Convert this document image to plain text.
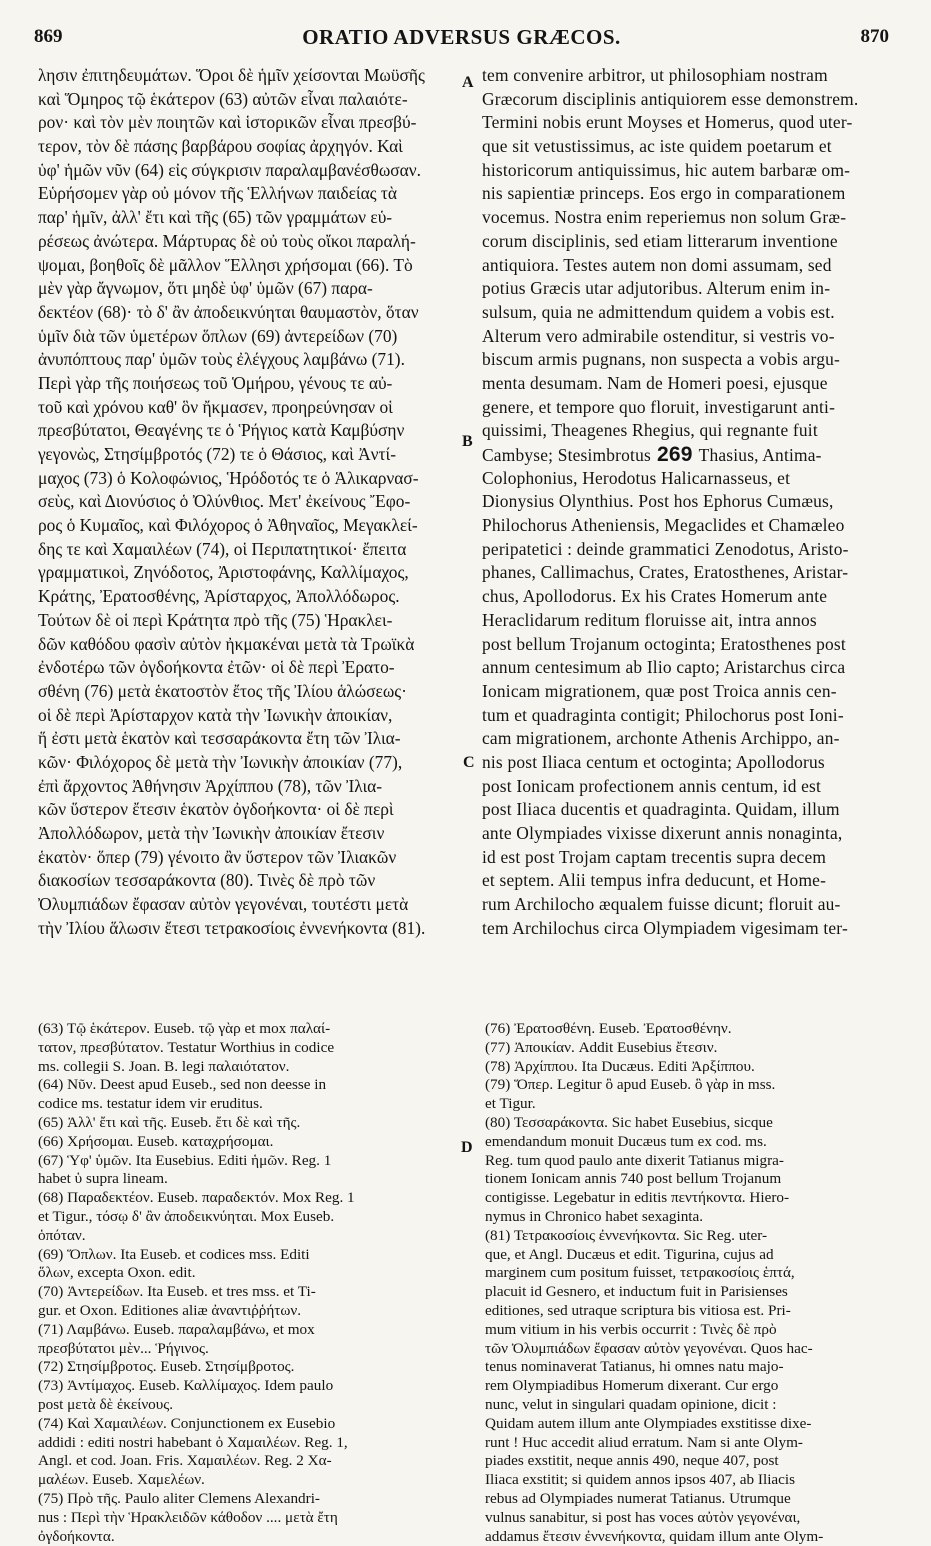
869	ORATIO ADVERSUS GRÆCOS.	870
λησιν ἐπιτηδευμάτων. Ὅροι δὲ ἡμῖν χείσονται Μωϋσῆς
καὶ Ὅμηρος τῷ ἑκάτερον (63) αὐτῶν εἶναι παλαιότε-
ρον· καὶ τὸν μὲν ποιητῶν καὶ ἱστορικῶν εἶναι πρεσβύ-
τερον, τὸν δὲ πάσης βαρβάρου σοφίας ἀρχηγόν. Καὶ
ὑφ' ἡμῶν νῦν (64) εἰς σύγκρισιν παραλαμβανέσθωσαν.
Εὑρήσομεν γὰρ οὐ μόνον τῆς Ἑλλήνων παιδείας τὰ
παρ' ἡμῖν, ἀλλ' ἔτι καὶ τῆς (65) τῶν γραμμάτων εὑ-
ρέσεως ἀνώτερα. Μάρτυρας δὲ οὐ τοὺς οἴκοι παραλή-
ψομαι, βοηθοῖς δὲ μᾶλλον Ἕλλησι χρήσομαι (66). Τὸ
μὲν γὰρ ἄγνωμον, ὅτι μηδὲ ὑφ' ὑμῶν (67) παρα-
δεκτέον (68)· τὸ δ' ἂν ἀποδεικνύηται θαυμαστὸν, ὅταν
ὑμῖν διὰ τῶν ὑμετέρων ὅπλων (69) ἀντερείδων (70)
ἀνυπόπτους παρ' ὑμῶν τοὺς ἐλέγχους λαμβάνω (71).
Περὶ γὰρ τῆς ποιήσεως τοῦ Ὁμήρου, γένους τε αὐ-
τοῦ καὶ χρόνου καθ' ὃν ἤκμασεν, προηρεύνησαν οἱ
πρεσβύτατοι, Θεαγένης τε ὁ Ῥήγιος κατὰ Καμβύσην
γεγονὼς, Στησίμβροτός (72) τε ὁ Θάσιος, καὶ Ἀντί-
μαχος (73) ὁ Κολοφώνιος, Ἡρόδοτός τε ὁ Ἁλικαρνασ-
σεὺς, καὶ Διονύσιος ὁ Ὀλύνθιος. Μετ' ἐκείνους Ἔφο-
ρος ὁ Κυμαῖος, καὶ Φιλόχορος ὁ Ἀθηναῖος, Μεγακλεί-
δης τε καὶ Χαμαιλέων (74), οἱ Περιπατητικοί· ἔπειτα
γραμματικοὶ, Ζηνόδοτος, Ἀριστοφάνης, Καλλίμαχος,
Κράτης, Ἐρατοσθένης, Ἀρίσταρχος, Ἀπολλόδωρος.
Τούτων δὲ οἱ περὶ Κράτητα πρὸ τῆς (75) Ἡρακλει-
δῶν καθόδου φασὶν αὐτὸν ἠκμακέναι μετὰ τὰ Τρωϊκὰ
ἐνδοτέρω τῶν ὀγδοήκοντα ἐτῶν· οἱ δὲ περὶ Ἐρατο-
σθένη (76) μετὰ ἑκατοστὸν ἔτος τῆς Ἰλίου ἁλώσεως·
οἱ δὲ περὶ Ἀρίσταρχον κατὰ τὴν Ἰωνικὴν ἀποικίαν,
ἥ ἐστι μετὰ ἑκατὸν καὶ τεσσαράκοντα ἔτη τῶν Ἰλια-
κῶν· Φιλόχορος δὲ μετὰ τὴν Ἰωνικὴν ἀποικίαν (77),
ἐπὶ ἄρχοντος Ἀθήνησιν Ἀρχίππου (78), τῶν Ἰλια-
κῶν ὕστερον ἔτεσιν ἑκατὸν ὀγδοήκοντα· οἱ δὲ περὶ
Ἀπολλόδωρον, μετὰ τὴν Ἰωνικὴν ἀποικίαν ἔτεσιν
ἑκατὸν· ὅπερ (79) γένοιτο ἂν ὕστερον τῶν Ἰλιακῶν
διακοσίων τεσσαράκοντα (80). Τινὲς δὲ πρὸ τῶν
Ὀλυμπιάδων ἔφασαν αὐτὸν γεγονέναι, τουτέστι μετὰ
τὴν Ἰλίου ἅλωσιν ἔτεσι τετρακοσίοις ἐννενήκοντα (81).
tem convenire arbitror, ut philosophiam nostram
Græcorum disciplinis antiquiorem esse demonstrem.
Termini nobis erunt Moyses et Homerus, quod uter-
que sit vetustissimus, ac iste quidem poetarum et
historicorum antiquissimus, hic autem barbaræ om-
nis sapientiæ princeps. Eos ergo in comparationem
vocemus. Nostra enim reperiemus non solum Græ-
corum disciplinis, sed etiam litterarum inventione
antiquiora. Testes autem non domi assumam, sed
potius Græcis utar adjutoribus. Alterum enim in-
sulsum, quia ne admittendum quidem a vobis est.
Alterum vero admirabile ostenditur, si vestris vo-
biscum armis pugnans, non suspecta a vobis argu-
menta desumam. Nam de Homeri poesi, ejusque
genere, et tempore quo floruit, investigarunt anti-
quissimi, Theagenes Rhegius, qui regnante fuit
Cambyse; Stesimbrotus 269 Thasius, Antima-
Colophonius, Herodotus Halicarnasseus, et
Dionysius Olynthius. Post hos Ephorus Cumæus,
Philochorus Atheniensis, Megaclides et Chamæleo
peripatetici : deinde grammatici Zenodotus, Aristo-
phanes, Callimachus, Crates, Eratosthenes, Aristar-
chus, Apollodorus. Ex his Crates Homerum ante
Heraclidarum reditum floruisse ait, intra annos
post bellum Trojanum octoginta; Eratosthenes post
annum centesimum ab Ilio capto; Aristarchus circa
Ionicam migrationem, quæ post Troica annis cen-
tum et quadraginta contigit; Philochorus post Ioni-
cam migrationem, archonte Athenis Archippo, an-
nis post Iliaca centum et octoginta; Apollodorus
post Ionicam profectionem annis centum, id est
post Iliaca ducentis et quadraginta. Quidam, illum
ante Olympiades vixisse dixerunt annis nonaginta,
id est post Trojam captam trecentis supra decem
et septem. Alii tempus infra deducunt, et Home-
rum Archilocho æqualem fuisse dicunt; floruit au-
tem Archilochus circa Olympiadem vigesimam ter-
A
B
C
D
(63) Τῷ ἑκάτερον. Euseb. τῷ γὰρ et mox παλαί-
τατον, πρεσβύτατον. Testatur Worthius in codice
ms. collegii S. Joan. B. legi παλαιότατον.
(64) Νῦν. Deest apud Euseb., sed non deesse in
codice ms. testatur idem vir eruditus.
(65) Ἀλλ' ἔτι καὶ τῆς. Euseb. ἔτι δὲ καὶ τῆς.
(66) Χρήσομαι. Euseb. καταχρήσομαι.
(67) Ὑφ' ὑμῶν. Ita Eusebius. Editi ἡμῶν. Reg. 1
habet ὑ supra lineam.
(68) Παραδεκτέον. Euseb. παραδεκτόν. Mox Reg. 1
et Tigur., τόσῳ δ' ἂν ἀποδεικνύηται. Mox Euseb.
ὁπόταν.
(69) Ὅπλων. Ita Euseb. et codices mss. Editi
ὅλων, excepta Oxon. edit.
(70) Ἀντερείδων. Ita Euseb. et tres mss. et Ti-
gur. et Oxon. Editiones aliæ ἀναντιῤῥήτων.
(71) Λαμβάνω. Euseb. παραλαμβάνω, et mox
πρεσβύτατοι μὲν... Ῥήγινος.
(72) Στησίμβροτος. Euseb. Στησίμβροτος.
(73) Ἀντίμαχος. Euseb. Καλλίμαχος. Idem paulo
post μετὰ δὲ ἐκείνους.
(74) Καὶ Χαμαιλέων. Conjunctionem ex Eusebio
addidi : editi nostri habebant ὁ Χαμαιλέων. Reg. 1,
Angl. et cod. Joan. Fris. Χαμαιλέων. Reg. 2 Χα-
μαλέων. Euseb. Χαμελέων.
(75) Πρὸ τῆς. Paulo aliter Clemens Alexandri-
nus : Περὶ τὴν Ἡρακλειδῶν κάθοδον .... μετὰ ἔτη
ὀγδοήκοντα.
(76) Ἐρατοσθένη. Euseb. Ἐρατοσθένην.
(77) Ἀποικίαν. Addit Eusebius ἔτεσιν.
(78) Ἀρχίππου. Ita Ducæus. Editi Ἀρξίππου.
(79) Ὅπερ. Legitur ὃ apud Euseb. ὃ γὰρ in mss.
et Tigur.
(80) Τεσσαράκοντα. Sic habet Eusebius, sicque
emendandum monuit Ducæus tum ex cod. ms.
Reg. tum quod paulo ante dixerit Tatianus migra-
tionem Ionicam annis 740 post bellum Trojanum
contigisse. Legebatur in editis πεντήκοντα. Hiero-
nymus in Chronico habet sexaginta.
(81) Τετρακοσίοις ἐννενήκοντα. Sic Reg. uter-
que, et Angl. Ducæus et edit. Tigurina, cujus ad
marginem cum positum fuisset, τετρακοσίοις ἑπτά,
placuit id Gesnero, et inductum fuit in Parisienses
editiones, sed utraque scriptura bis vitiosa est. Pri-
mum vitium in his verbis occurrit : Τινὲς δὲ πρὸ
τῶν Ὀλυμπιάδων ἔφασαν αὐτὸν γεγονέναι. Quos hac-
tenus nominaverat Tatianus, hi omnes natu majo-
rem Olympiadibus Homerum dixerant. Cur ergo
nunc, velut in singulari quadam opinione, dicit :
Quidam autem illum ante Olympiades exstitisse dixe-
runt ! Huc accedit aliud erratum. Nam si ante Olym-
piades exstitit, neque annis 490, neque 407, post
Iliaca exstitit; si quidem annos ipsos 407, ab Iliacis
rebus ad Olympiades numerat Tatianus. Utrumque
vulnus sanabitur, si post has voces αὐτὸν γεγονέναι,
addamus ἔτεσιν ἐννενήκοντα, quidam illum ante Olym-
